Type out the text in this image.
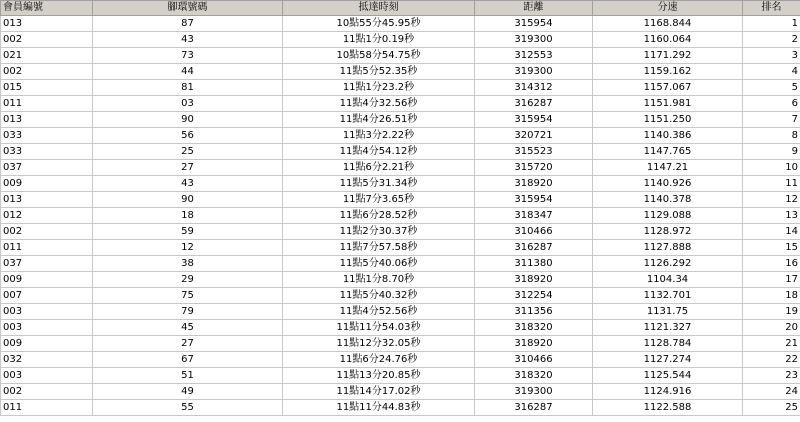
會員編號	腳環號碼	抵達時刻	距離	分速	排名
013	87	10點55分45.95秒	315954	1168.844	1
002	43	11點1分0.19秒	319300	1160.064	2
021	73	10點58分54.75秒	312553	1171.292	3
002	44	11點5分52.35秒	319300	1159.162	4
015	81	11點1分23.2秒	314312	1157.067	5
011	03	11點4分32.56秒	316287	1151.981	6
013	90	11點4分26.51秒	315954	1151.250	7
033	56	11點3分2.22秒	320721	1140.386	8
033	25	11點4分54.12秒	315523	1147.765	9
037	27	11點6分2.21秒	315720	1147.21	10
009	43	11點5分31.34秒	318920	1140.926	11
013	90	11點7分3.65秒	315954	1140.378	12
012	18	11點6分28.52秒	318347	1129.088	13
002	59	11點2分30.37秒	310466	1128.972	14
011	12	11點7分57.58秒	316287	1127.888	15
037	38	11點5分40.06秒	311380	1126.292	16
009	29	11點1分8.70秒	318920	1104.34	17
007	75	11點5分40.32秒	312254	1132.701	18
003	79	11點4分52.56秒	311356	1131.75	19
003	45	11點11分54.03秒	318320	1121.327	20
009	27	11點12分32.05秒	318920	1128.784	21
032	67	11點6分24.76秒	310466	1127.274	22
003	51	11點13分20.85秒	318320	1125.544	23
002	49	11點14分17.02秒	319300	1124.916	24
011	55	11點11分44.83秒	316287	1122.588	25
